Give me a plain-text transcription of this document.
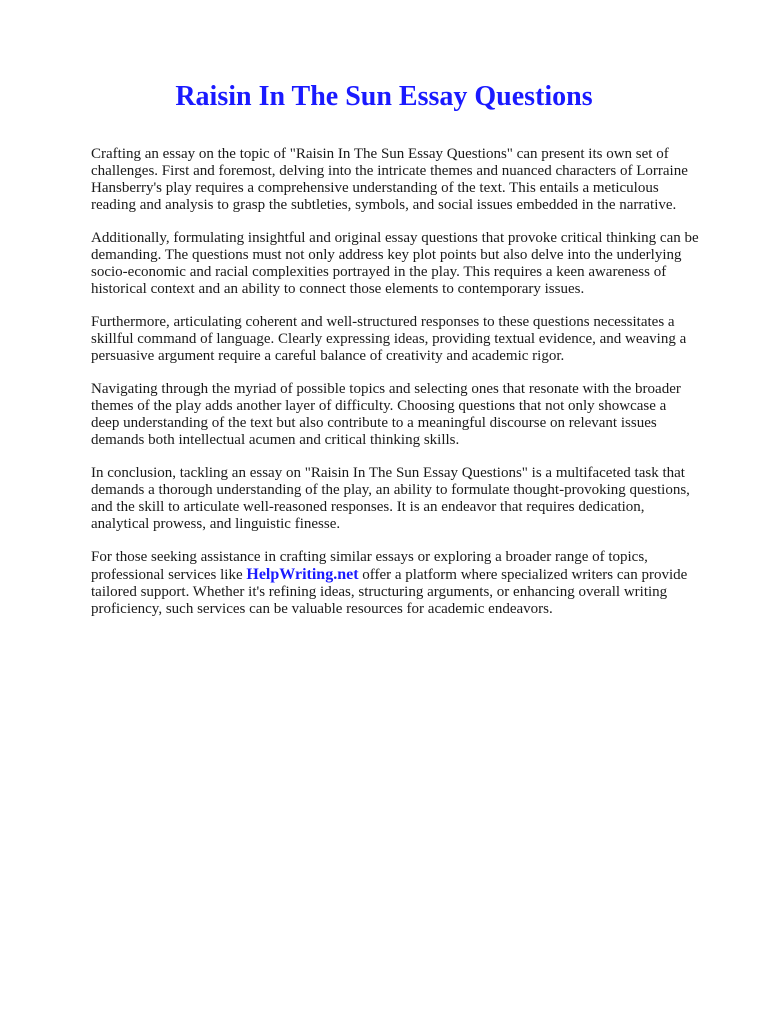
Raisin In The Sun Essay Questions

Crafting an essay on the topic of "Raisin In The Sun Essay Questions" can present its own set of
challenges. First and foremost, delving into the intricate themes and nuanced characters of Lorraine
Hansberry's play requires a comprehensive understanding of the text. This entails a meticulous
reading and analysis to grasp the subtleties, symbols, and social issues embedded in the narrative.

Additionally, formulating insightful and original essay questions that provoke critical thinking can be
demanding. The questions must not only address key plot points but also delve into the underlying
socio-economic and racial complexities portrayed in the play. This requires a keen awareness of
historical context and an ability to connect those elements to contemporary issues.

Furthermore, articulating coherent and well-structured responses to these questions necessitates a
skillful command of language. Clearly expressing ideas, providing textual evidence, and weaving a
persuasive argument require a careful balance of creativity and academic rigor.

Navigating through the myriad of possible topics and selecting ones that resonate with the broader
themes of the play adds another layer of difficulty. Choosing questions that not only showcase a
deep understanding of the text but also contribute to a meaningful discourse on relevant issues
demands both intellectual acumen and critical thinking skills.

In conclusion, tackling an essay on "Raisin In The Sun Essay Questions" is a multifaceted task that
demands a thorough understanding of the play, an ability to formulate thought-provoking questions,
and the skill to articulate well-reasoned responses. It is an endeavor that requires dedication,
analytical prowess, and linguistic finesse.

For those seeking assistance in crafting similar essays or exploring a broader range of topics,
professional services like HelpWriting.net offer a platform where specialized writers can provide
tailored support. Whether it's refining ideas, structuring arguments, or enhancing overall writing
proficiency, such services can be valuable resources for academic endeavors.
